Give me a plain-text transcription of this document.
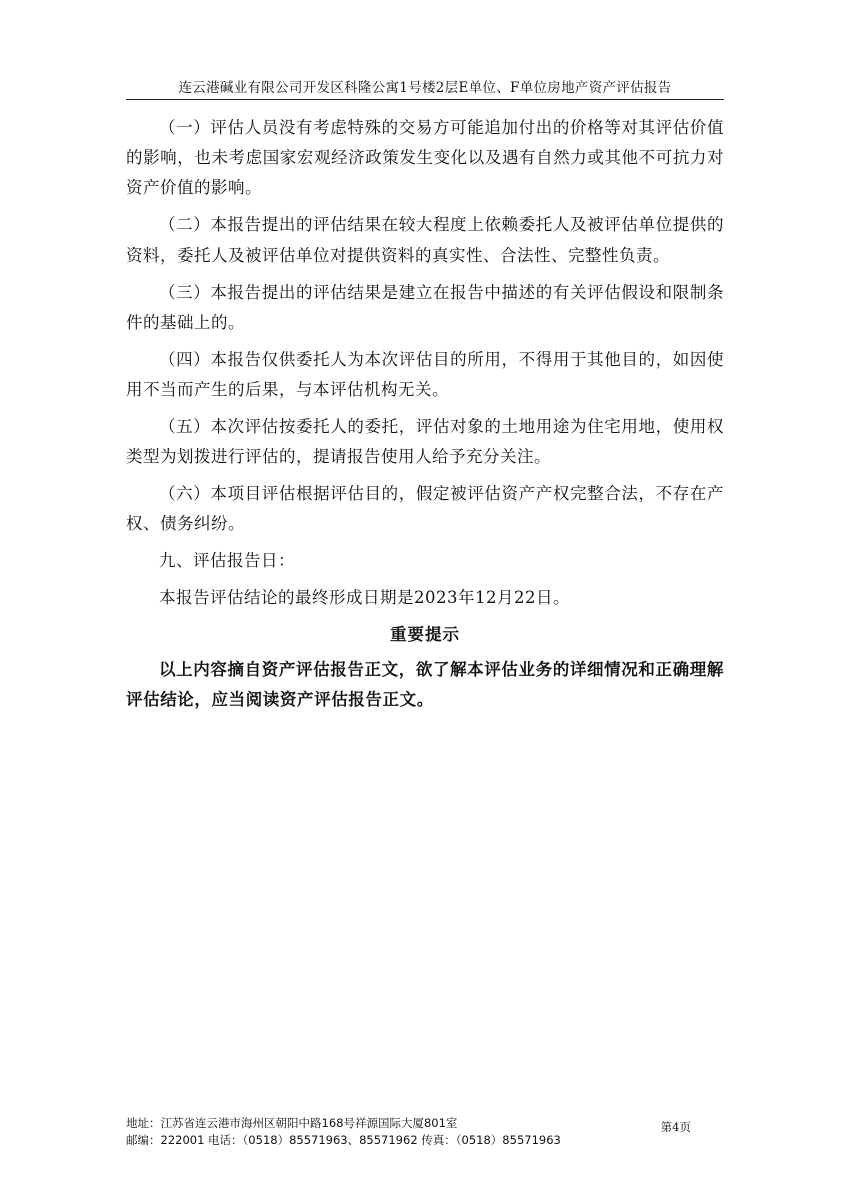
连云港碱业有限公司开发区科隆公寓1号楼2层E单位、F单位房地产资产评估报告

（一）评估人员没有考虑特殊的交易方可能追加付出的价格等对其评估价值的影响，也未考虑国家宏观经济政策发生变化以及遇有自然力或其他不可抗力对资产价值的影响。

（二）本报告提出的评估结果在较大程度上依赖委托人及被评估单位提供的资料，委托人及被评估单位对提供资料的真实性、合法性、完整性负责。

（三）本报告提出的评估结果是建立在报告中描述的有关评估假设和限制条件的基础上的。

（四）本报告仅供委托人为本次评估目的所用，不得用于其他目的，如因使用不当而产生的后果，与本评估机构无关。

（五）本次评估按委托人的委托，评估对象的土地用途为住宅用地，使用权类型为划拨进行评估的，提请报告使用人给予充分关注。

（六）本项目评估根据评估目的，假定被评估资产产权完整合法，不存在产权、债务纠纷。

九、评估报告日：

本报告评估结论的最终形成日期是2023年12月22日。

重要提示

以上内容摘自资产评估报告正文，欲了解本评估业务的详细情况和正确理解评估结论，应当阅读资产评估报告正文。

地址：江苏省连云港市海州区朝阳中路168号祥源国际大厦801室
邮编：222001 电话：（0518）85571963、85571962 传真：（0518）85571963
第4页
